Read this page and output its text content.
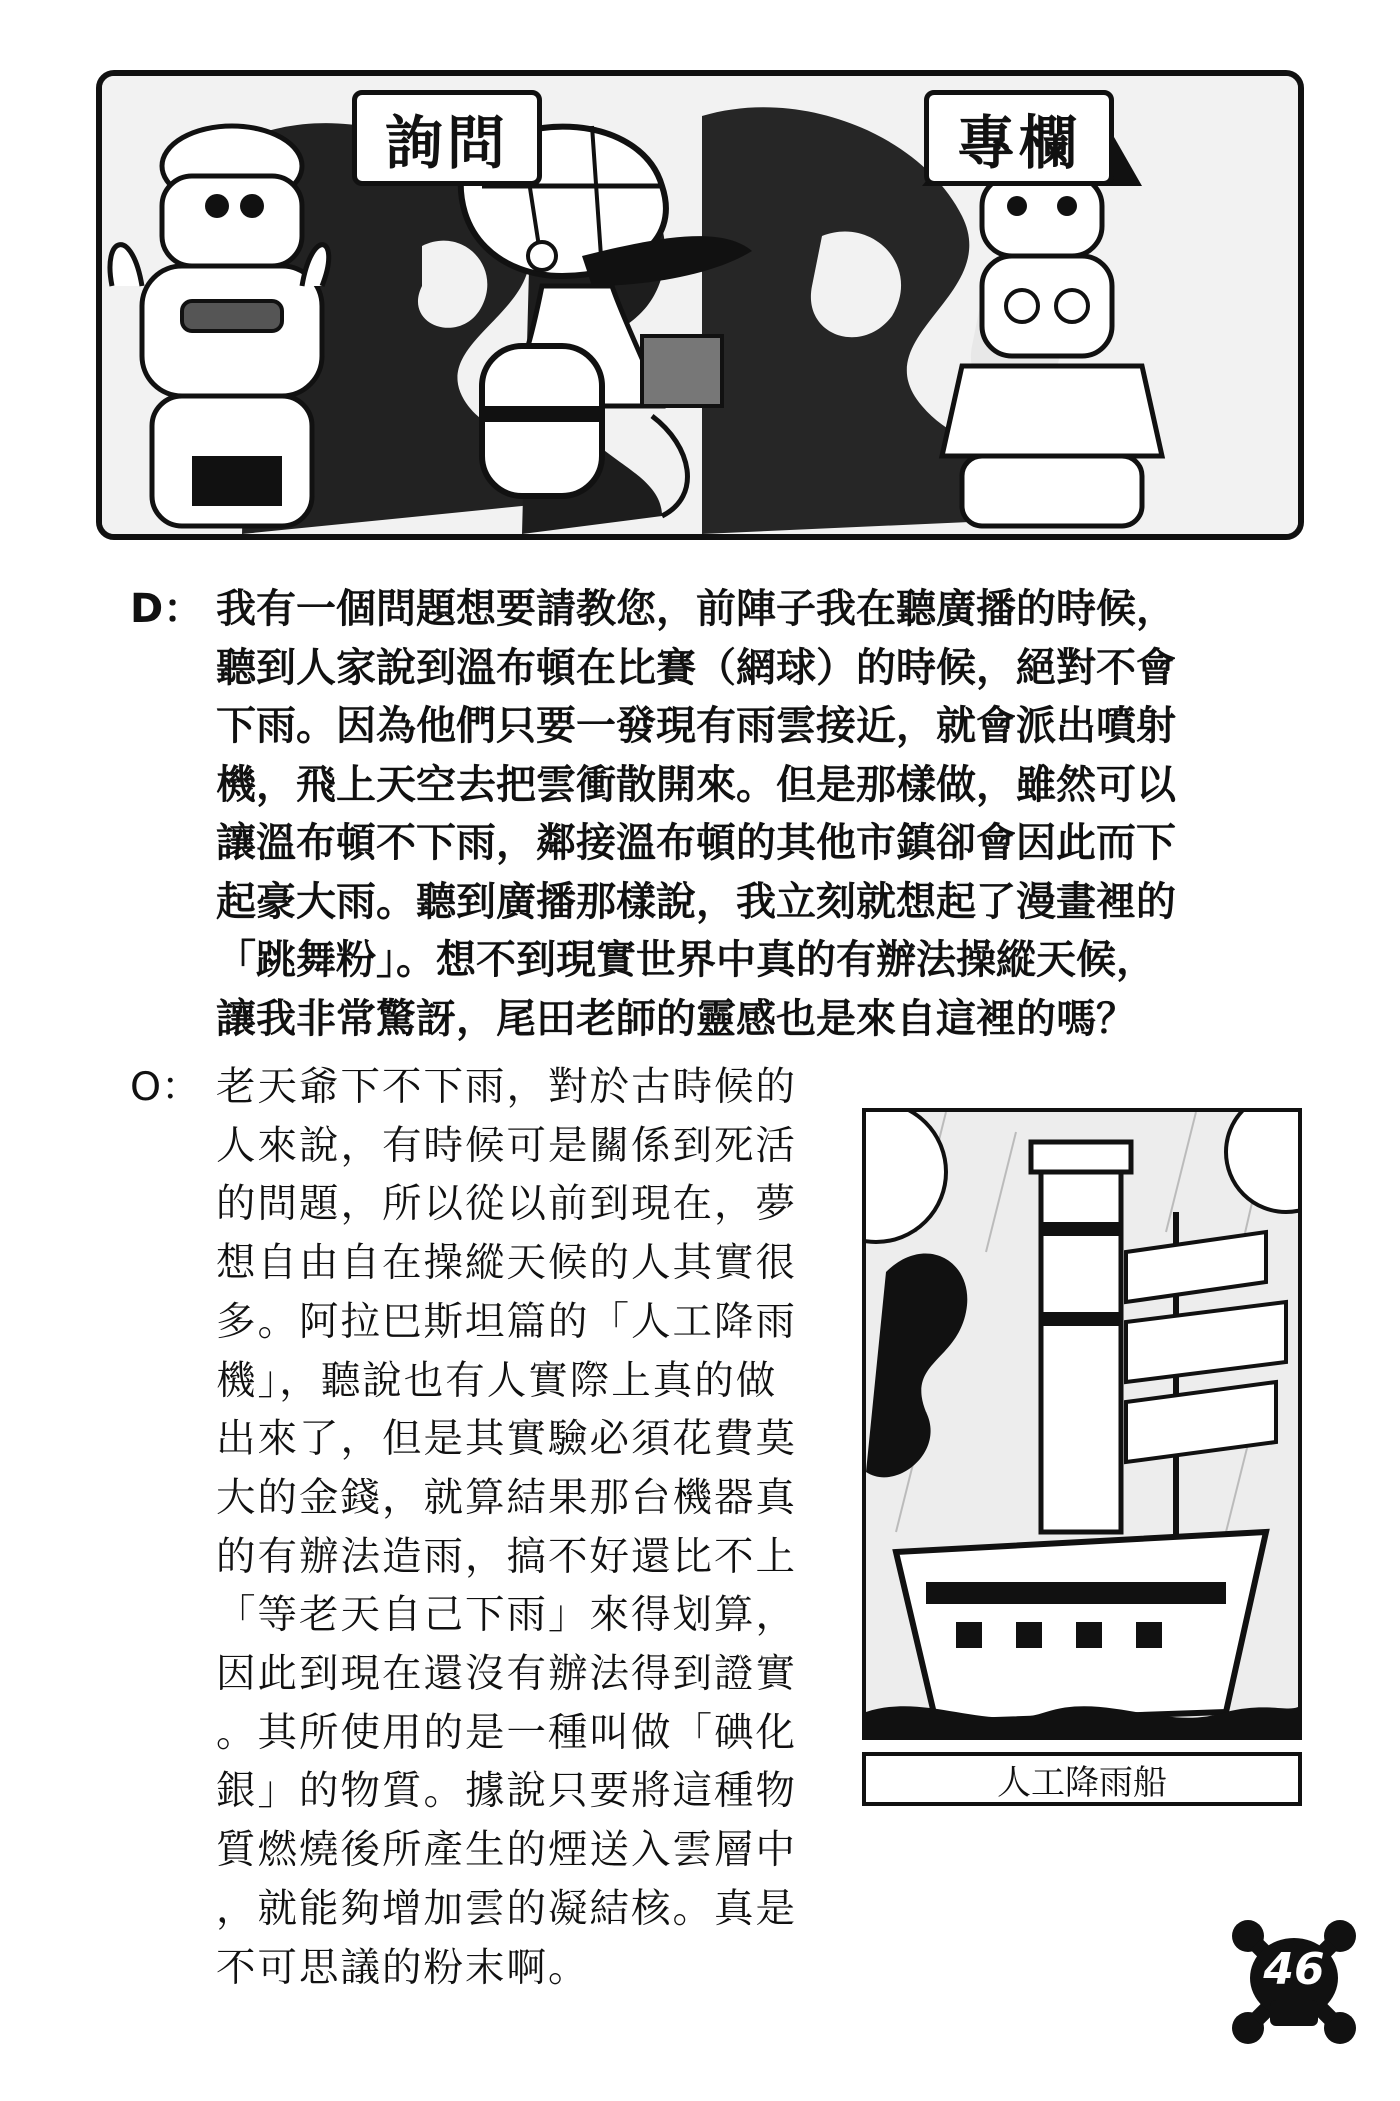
詢問	專欄
D： 我有一個問題想要請教您，前陣子我在聽廣播的時候，
聽到人家說到溫布頓在比賽（網球）的時候，絕對不會
下雨。因為他們只要一發現有雨雲接近，就會派出噴射
機，飛上天空去把雲衝散開來。但是那樣做，雖然可以
讓溫布頓不下雨，鄰接溫布頓的其他市鎮卻會因此而下
起豪大雨。聽到廣播那樣說，我立刻就想起了漫畫裡的
「跳舞粉」。想不到現實世界中真的有辦法操縱天候，
讓我非常驚訝，尾田老師的靈感也是來自這裡的嗎？
O： 老天爺下不下雨，對於古時候的
人來說，有時候可是關係到死活
的問題，所以從以前到現在，夢
想自由自在操縱天候的人其實很
多。阿拉巴斯坦篇的「人工降雨
機」，聽說也有人實際上真的做
出來了，但是其實驗必須花費莫
大的金錢，就算結果那台機器真
的有辦法造雨，搞不好還比不上
「等老天自己下雨」來得划算，
因此到現在還沒有辦法得到證實
。其所使用的是一種叫做「碘化
銀」的物質。據說只要將這種物
質燃燒後所產生的煙送入雲層中
，就能夠增加雲的凝結核。真是
不可思議的粉末啊。
人工降雨船
46
